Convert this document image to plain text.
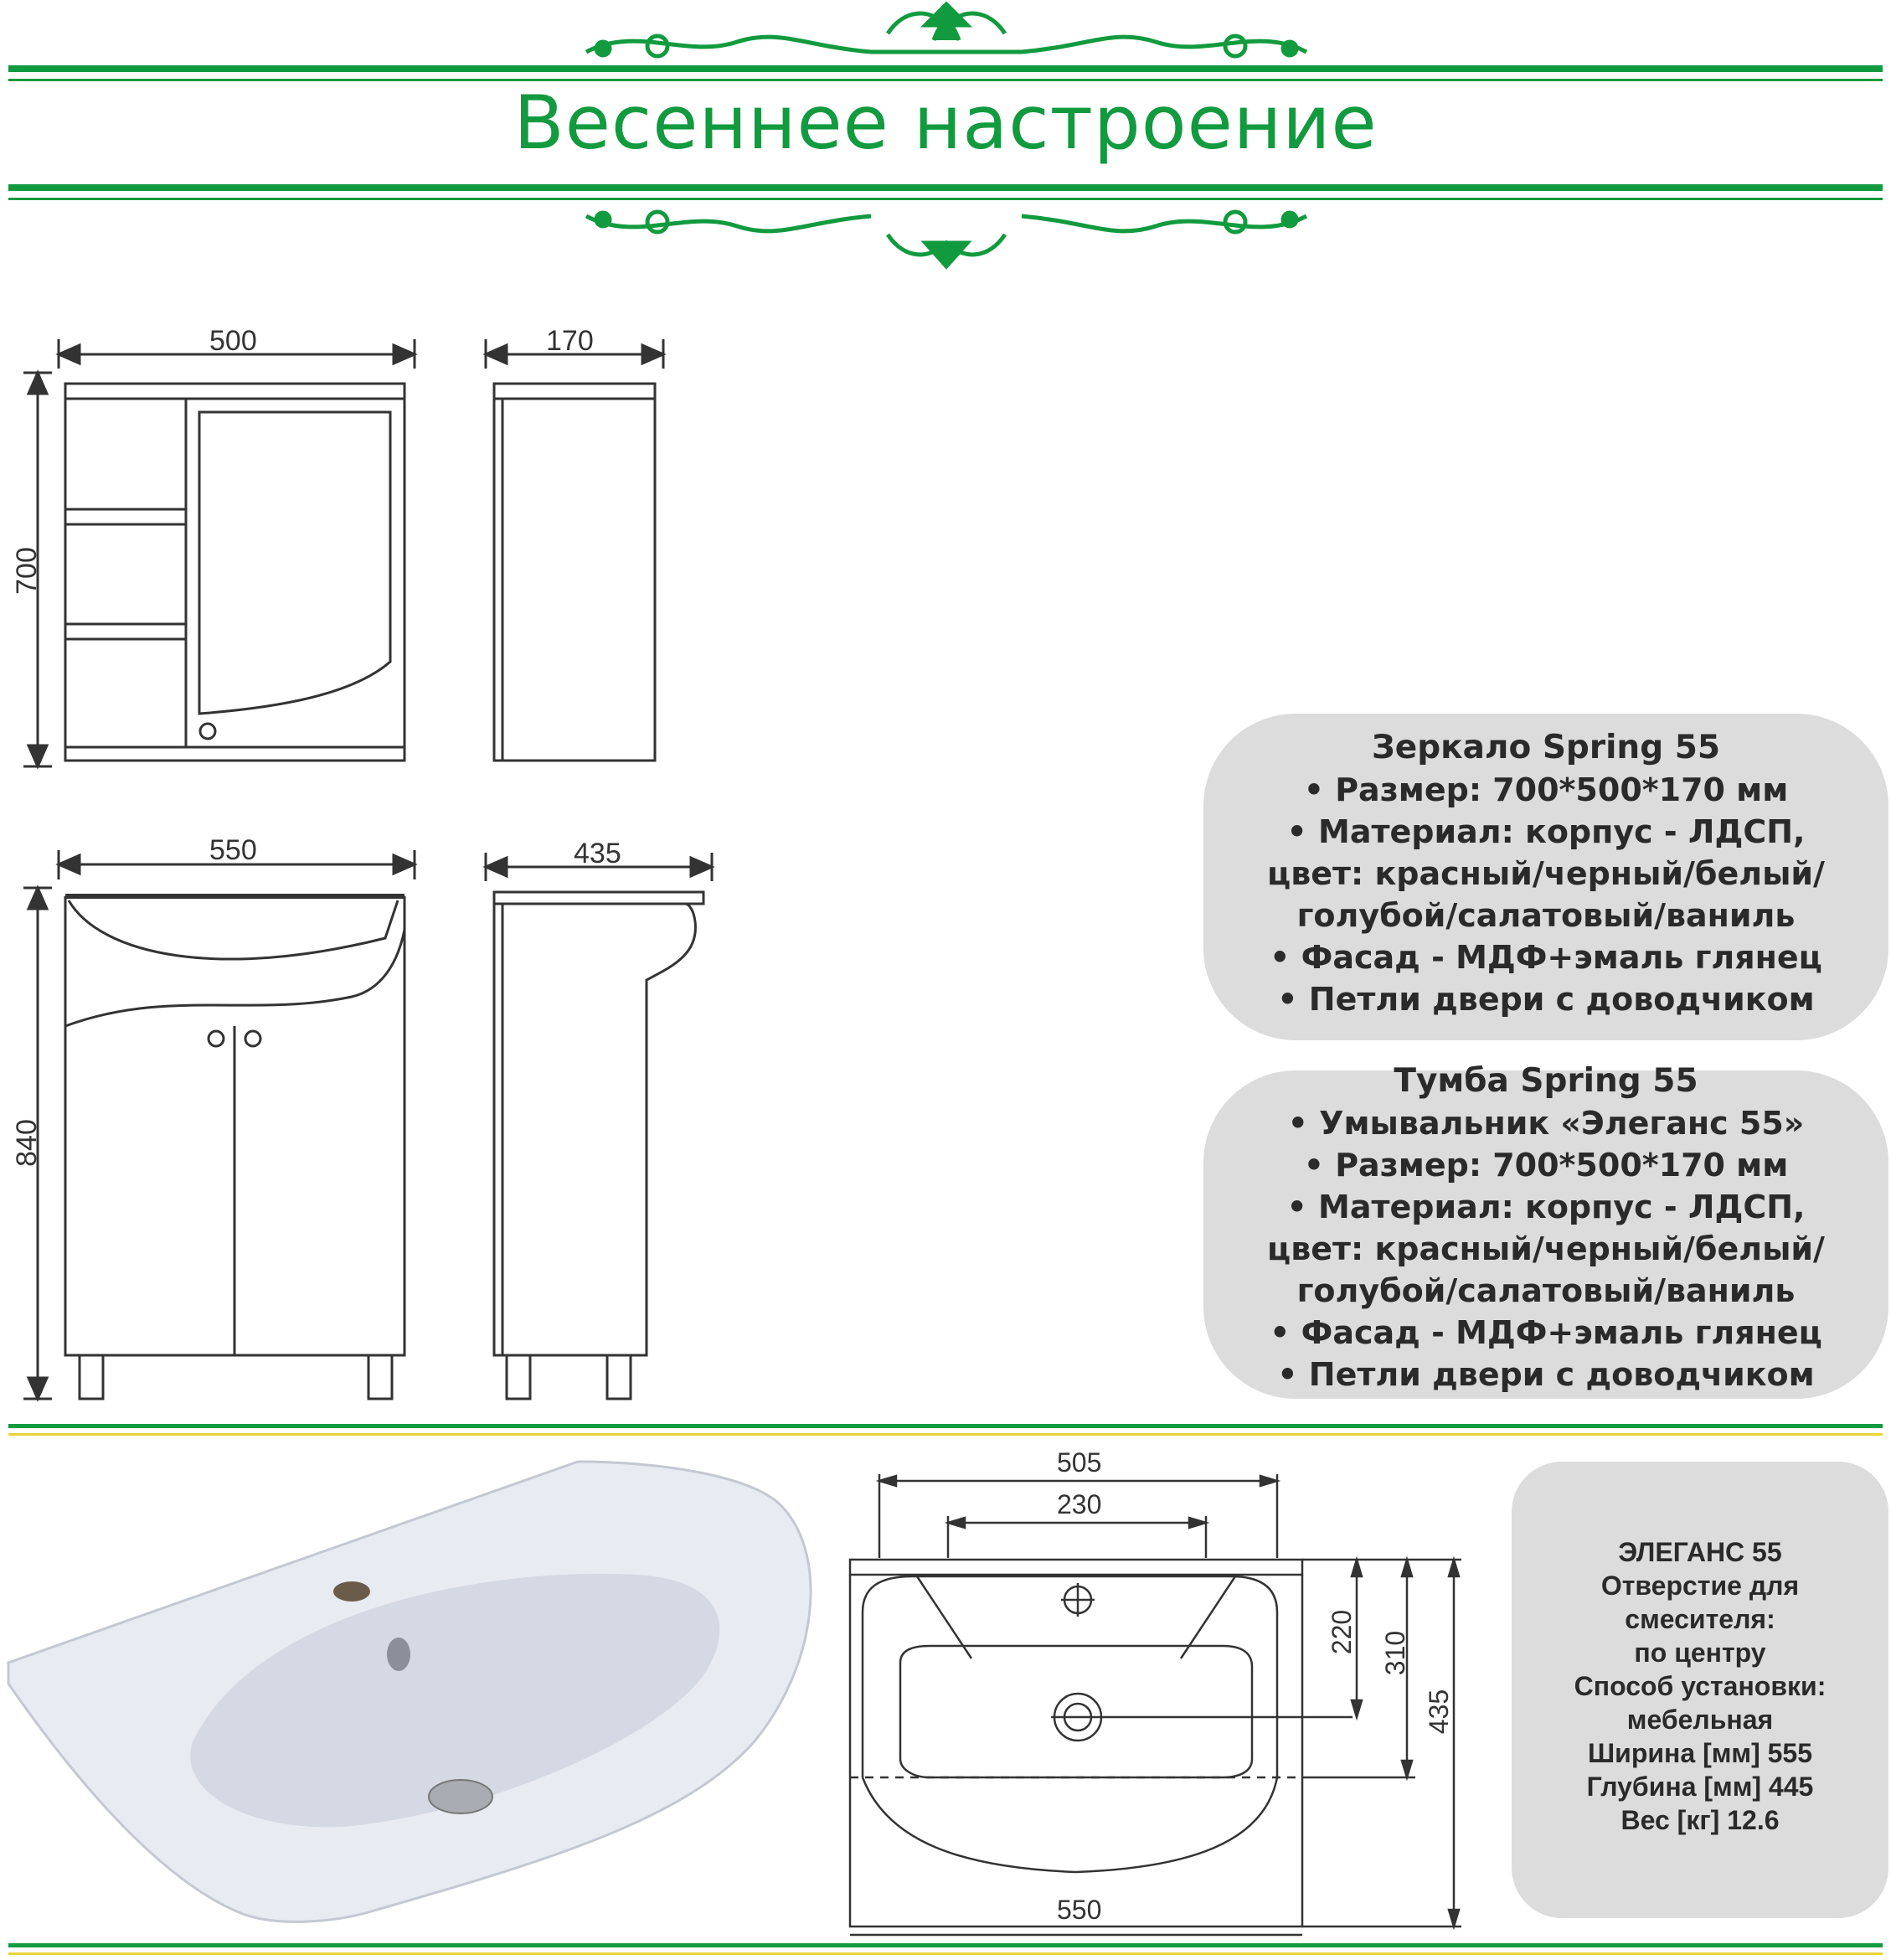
Весеннее настроение
500	170
700
550	435
840
505
230
220 310
435
550
Зеркало Spring 55
• Размер: 700*500*170 мм
• Материал: корпус - ЛДСП,
цвет: красный/черный/белый/
голубой/салатовый/ваниль
• Фасад - МДФ+эмаль глянец
• Петли двери с доводчиком
Тумба Spring 55
• Умывальник «Элеганс 55»
• Размер: 700*500*170 мм
• Материал: корпус - ЛДСП,
цвет: красный/черный/белый/
голубой/салатовый/ваниль
• Фасад - МДФ+эмаль глянец
• Петли двери с доводчиком
ЭЛЕГАНС 55
Отверстие для
смесителя:
по центру
Способ установки:
мебельная
Ширина [мм] 555
Глубина [мм] 445
Вес [кг] 12.6
